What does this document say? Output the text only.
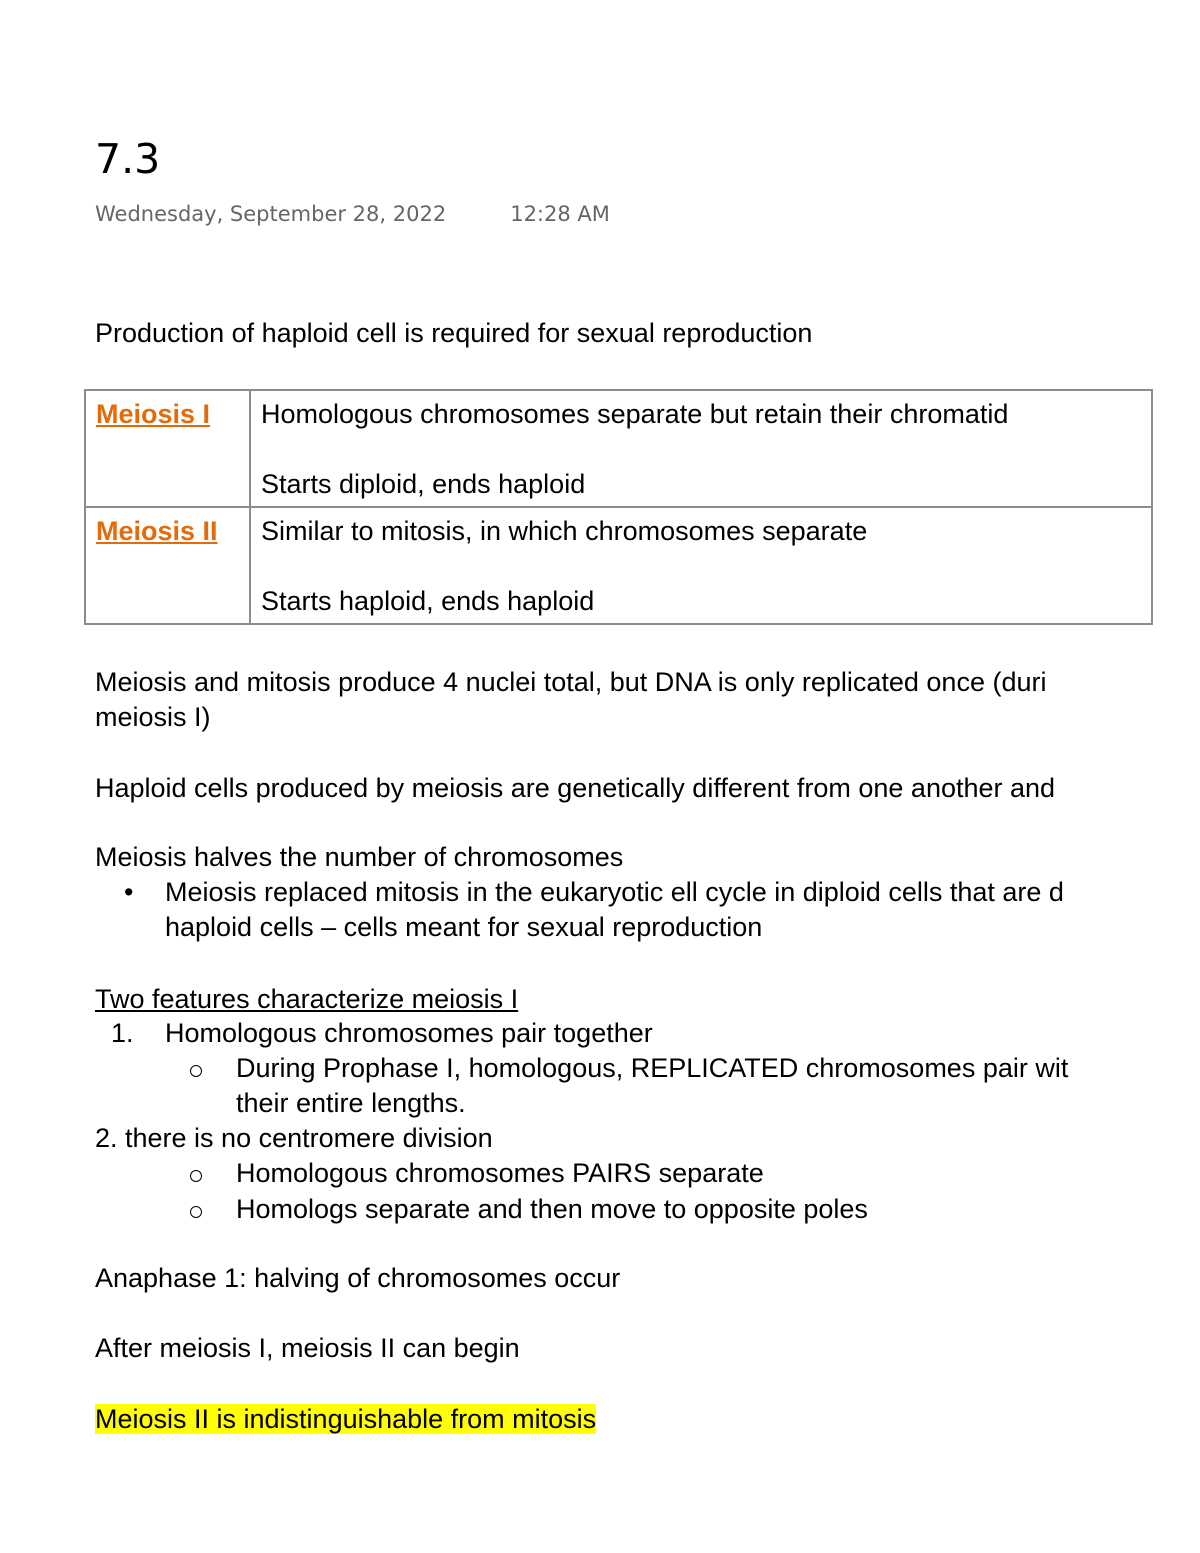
7.3
Wednesday, September 28, 2022	12:28 AM
Production of haploid cell is required for sexual reproduction
Meiosis I	Homologous chromosomes separate but retain their chromatid
Starts diploid, ends haploid

Meiosis II	Similar to mitosis, in which chromosomes separate
Starts haploid, ends haploid
Meiosis and mitosis produce 4 nuclei total, but DNA is only replicated once (duri
meiosis I)
Haploid cells produced by meiosis are genetically different from one another and
Meiosis halves the number of chromosomes
• Meiosis replaced mitosis in the eukaryotic ell cycle in diploid cells that are d
haploid cells – cells meant for sexual reproduction
Two features characterize meiosis I
1. Homologous chromosomes pair together
During Prophase I, homologous, REPLICATED chromosomes pair wit
their entire lengths.
2. there is no centromere division
Homologous chromosomes PAIRS separate
Homologs separate and then move to opposite poles
Anaphase 1: halving of chromosomes occur
After meiosis I, meiosis II can begin
Meiosis II is indistinguishable from mitosis
